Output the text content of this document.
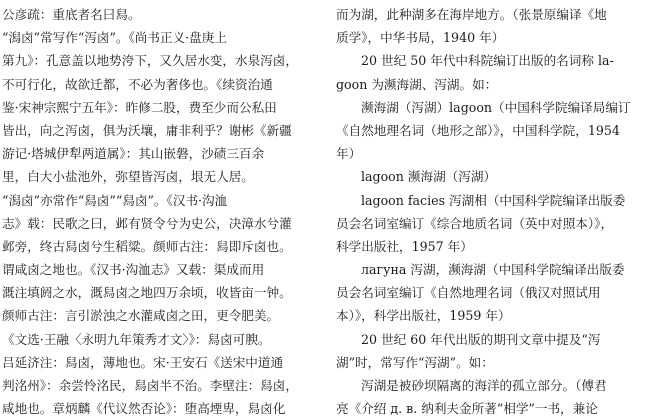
公彦疏：重底者名曰舄。
“潟卤”常写作“泻卤”。《尚书正义·盘庚上
第九》：孔意盖以地势洿下，又久居水变，水泉泻卤，
不可行化，故欲迁都，不必为奢侈也。《续资治通
鉴·宋神宗熙宁五年》：昨修二股，费至少而公私田
皆出，向之泻卤，俱为沃壤，庸非利乎？谢彬《新疆
游记·塔城伊犁两道属》：其山嵌磐，沙碛三百余
里，白大小盐池外，弥望皆泻卤，垠无人居。
“潟卤”亦常作“舄卤”“舄卤”。《汉书·沟洫
志》载：民歌之曰，邺有贤令兮为史公，决漳水兮灌
邺旁，终古舄卤兮生稻粱。颜师古注：舄即斥卤也。
谓咸卤之地也。《汉书·沟洫志》又载：渠成而用
溉注填阏之水，溉舄卤之地四万余顷，收皆亩一钟。
颜师古注：言引淤浊之水灌咸卤之田，更令肥美。
《文选·王融〈永明九年策秀才文〉》：舄卤可腴。
吕延济注：舄卤，薄地也。宋·王安石《送宋中道通
判洺州》：余尝怜洺民，舄卤半不治。李壁注：舄卤，
咸地也。章炳麟《代议然否论》：堕高堙卑，舄卤化
而为湖，此种湖多在海岸地方。（张景原编译《地
质学》，中华书局，1940 年）
20 世纪 50 年代中科院编订出版的名词称 la-
goon 为濒海湖、泻湖。如：
濒海湖（泻湖）lagoon（中国科学院编译局编订
《自然地理名词（地形之部）》，中国科学院，1954
年）
lagoon 濒海湖（泻湖）
lagoon facies 泻湖相（中国科学院编译出版委
员会名词室编订《综合地质名词（英中对照本）》，
科学出版社，1957 年）
лагуна 泻湖，濒海湖（中国科学院编译出版委
员会名词室编订《自然地理名词（俄汉对照试用
本）》，科学出版社，1959 年）
20 世纪 60 年代出版的期刊文章中提及“泻
湖”时，常写作“泻湖”。如：
泻湖是被砂坝隔离的海洋的孤立部分。（傅君
亮《介绍 д. в. 纳利夫金所著“相学”一书，兼论
